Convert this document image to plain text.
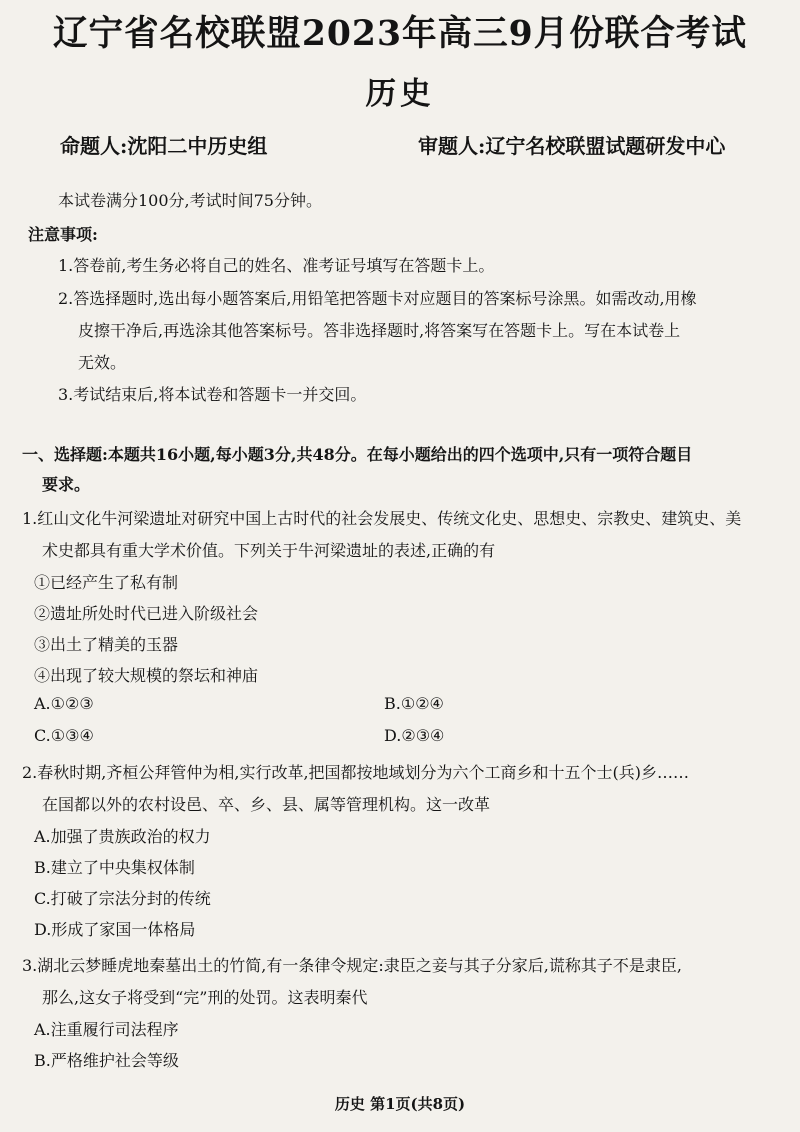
辽宁省名校联盟2023年高三9月份联合考试
历史
命题人:沈阳二中历史组	审题人:辽宁名校联盟试题研发中心
本试卷满分100分,考试时间75分钟。
注意事项:
1.答卷前,考生务必将自己的姓名、准考证号填写在答题卡上。
2.答选择题时,选出每小题答案后,用铅笔把答题卡对应题目的答案标号涂黑。如需改动,用橡
皮擦干净后,再选涂其他答案标号。答非选择题时,将答案写在答题卡上。写在本试卷上
无效。
3.考试结束后,将本试卷和答题卡一并交回。
一、选择题:本题共16小题,每小题3分,共48分。在每小题给出的四个选项中,只有一项符合题目
要求。
1.红山文化牛河梁遗址对研究中国上古时代的社会发展史、传统文化史、思想史、宗教史、建筑史、美
术史都具有重大学术价值。下列关于牛河梁遗址的表述,正确的有
①已经产生了私有制
②遗址所处时代已进入阶级社会
③出土了精美的玉器
④出现了较大规模的祭坛和神庙
A.①②③	B.①②④
C.①③④	D.②③④
2.春秋时期,齐桓公拜管仲为相,实行改革,把国都按地域划分为六个工商乡和十五个士(兵)乡……
在国都以外的农村设邑、卒、乡、县、属等管理机构。这一改革
A.加强了贵族政治的权力
B.建立了中央集权体制
C.打破了宗法分封的传统
D.形成了家国一体格局
3.湖北云梦睡虎地秦墓出土的竹简,有一条律令规定:隶臣之妾与其子分家后,谎称其子不是隶臣,
那么,这女子将受到“完”刑的处罚。这表明秦代
A.注重履行司法程序
B.严格维护社会等级
历史 第1页(共8页)
